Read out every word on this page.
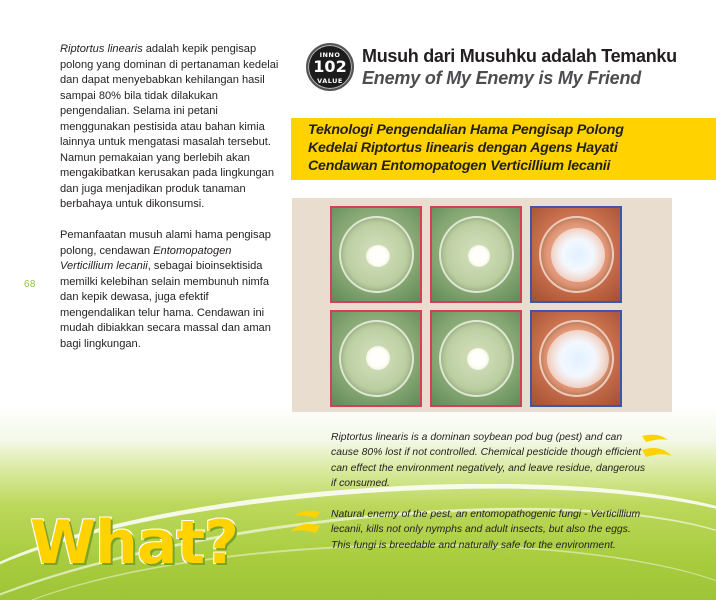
68

Riptortus linearis adalah kepik pengisap polong yang dominan di pertanaman kedelai dan dapat menyebabkan kehilangan hasil sampai 80% bila tidak dilakukan pengendalian. Selama ini petani menggunakan pestisida atau bahan kimia lainnya untuk mengatasi masalah tersebut. Namun pemakaian yang berlebih akan mengakibatkan kerusakan pada lingkungan dan juga menjadikan produk tanaman berbahaya untuk dikonsumsi.

Pemanfaatan musuh alami hama pengisap polong, cendawan Entomopatogen Verticillium lecanii, sebagai bioinsektisida memilki kelebihan selain membunuh nimfa dan kepik dewasa, juga efektif mengendalikan telur hama. Cendawan ini mudah dibiakkan secara massal dan aman bagi lingkungan.

INNO
102
VALUE
Musuh dari Musuhku adalah Temanku
Enemy of My Enemy is My Friend
Teknologi Pengendalian Hama Pengisap Polong
Kedelai Riptortus linearis dengan Agens Hayati
Cendawan Entomopatogen Verticillium lecanii

Riptortus linearis is a dominan soybean pod bug (pest) and can cause 80% lost if not controlled. Chemical pesticide though efficient can effect the environment negatively, and leave residue, dangerous if consumed.

Natural enemy of the pest, an entomopathogenic fungi - Verticillium lecanii, kills not only nymphs and adult insects, but also the eggs. This fungi is breedable and naturally safe for the environment.

What?
